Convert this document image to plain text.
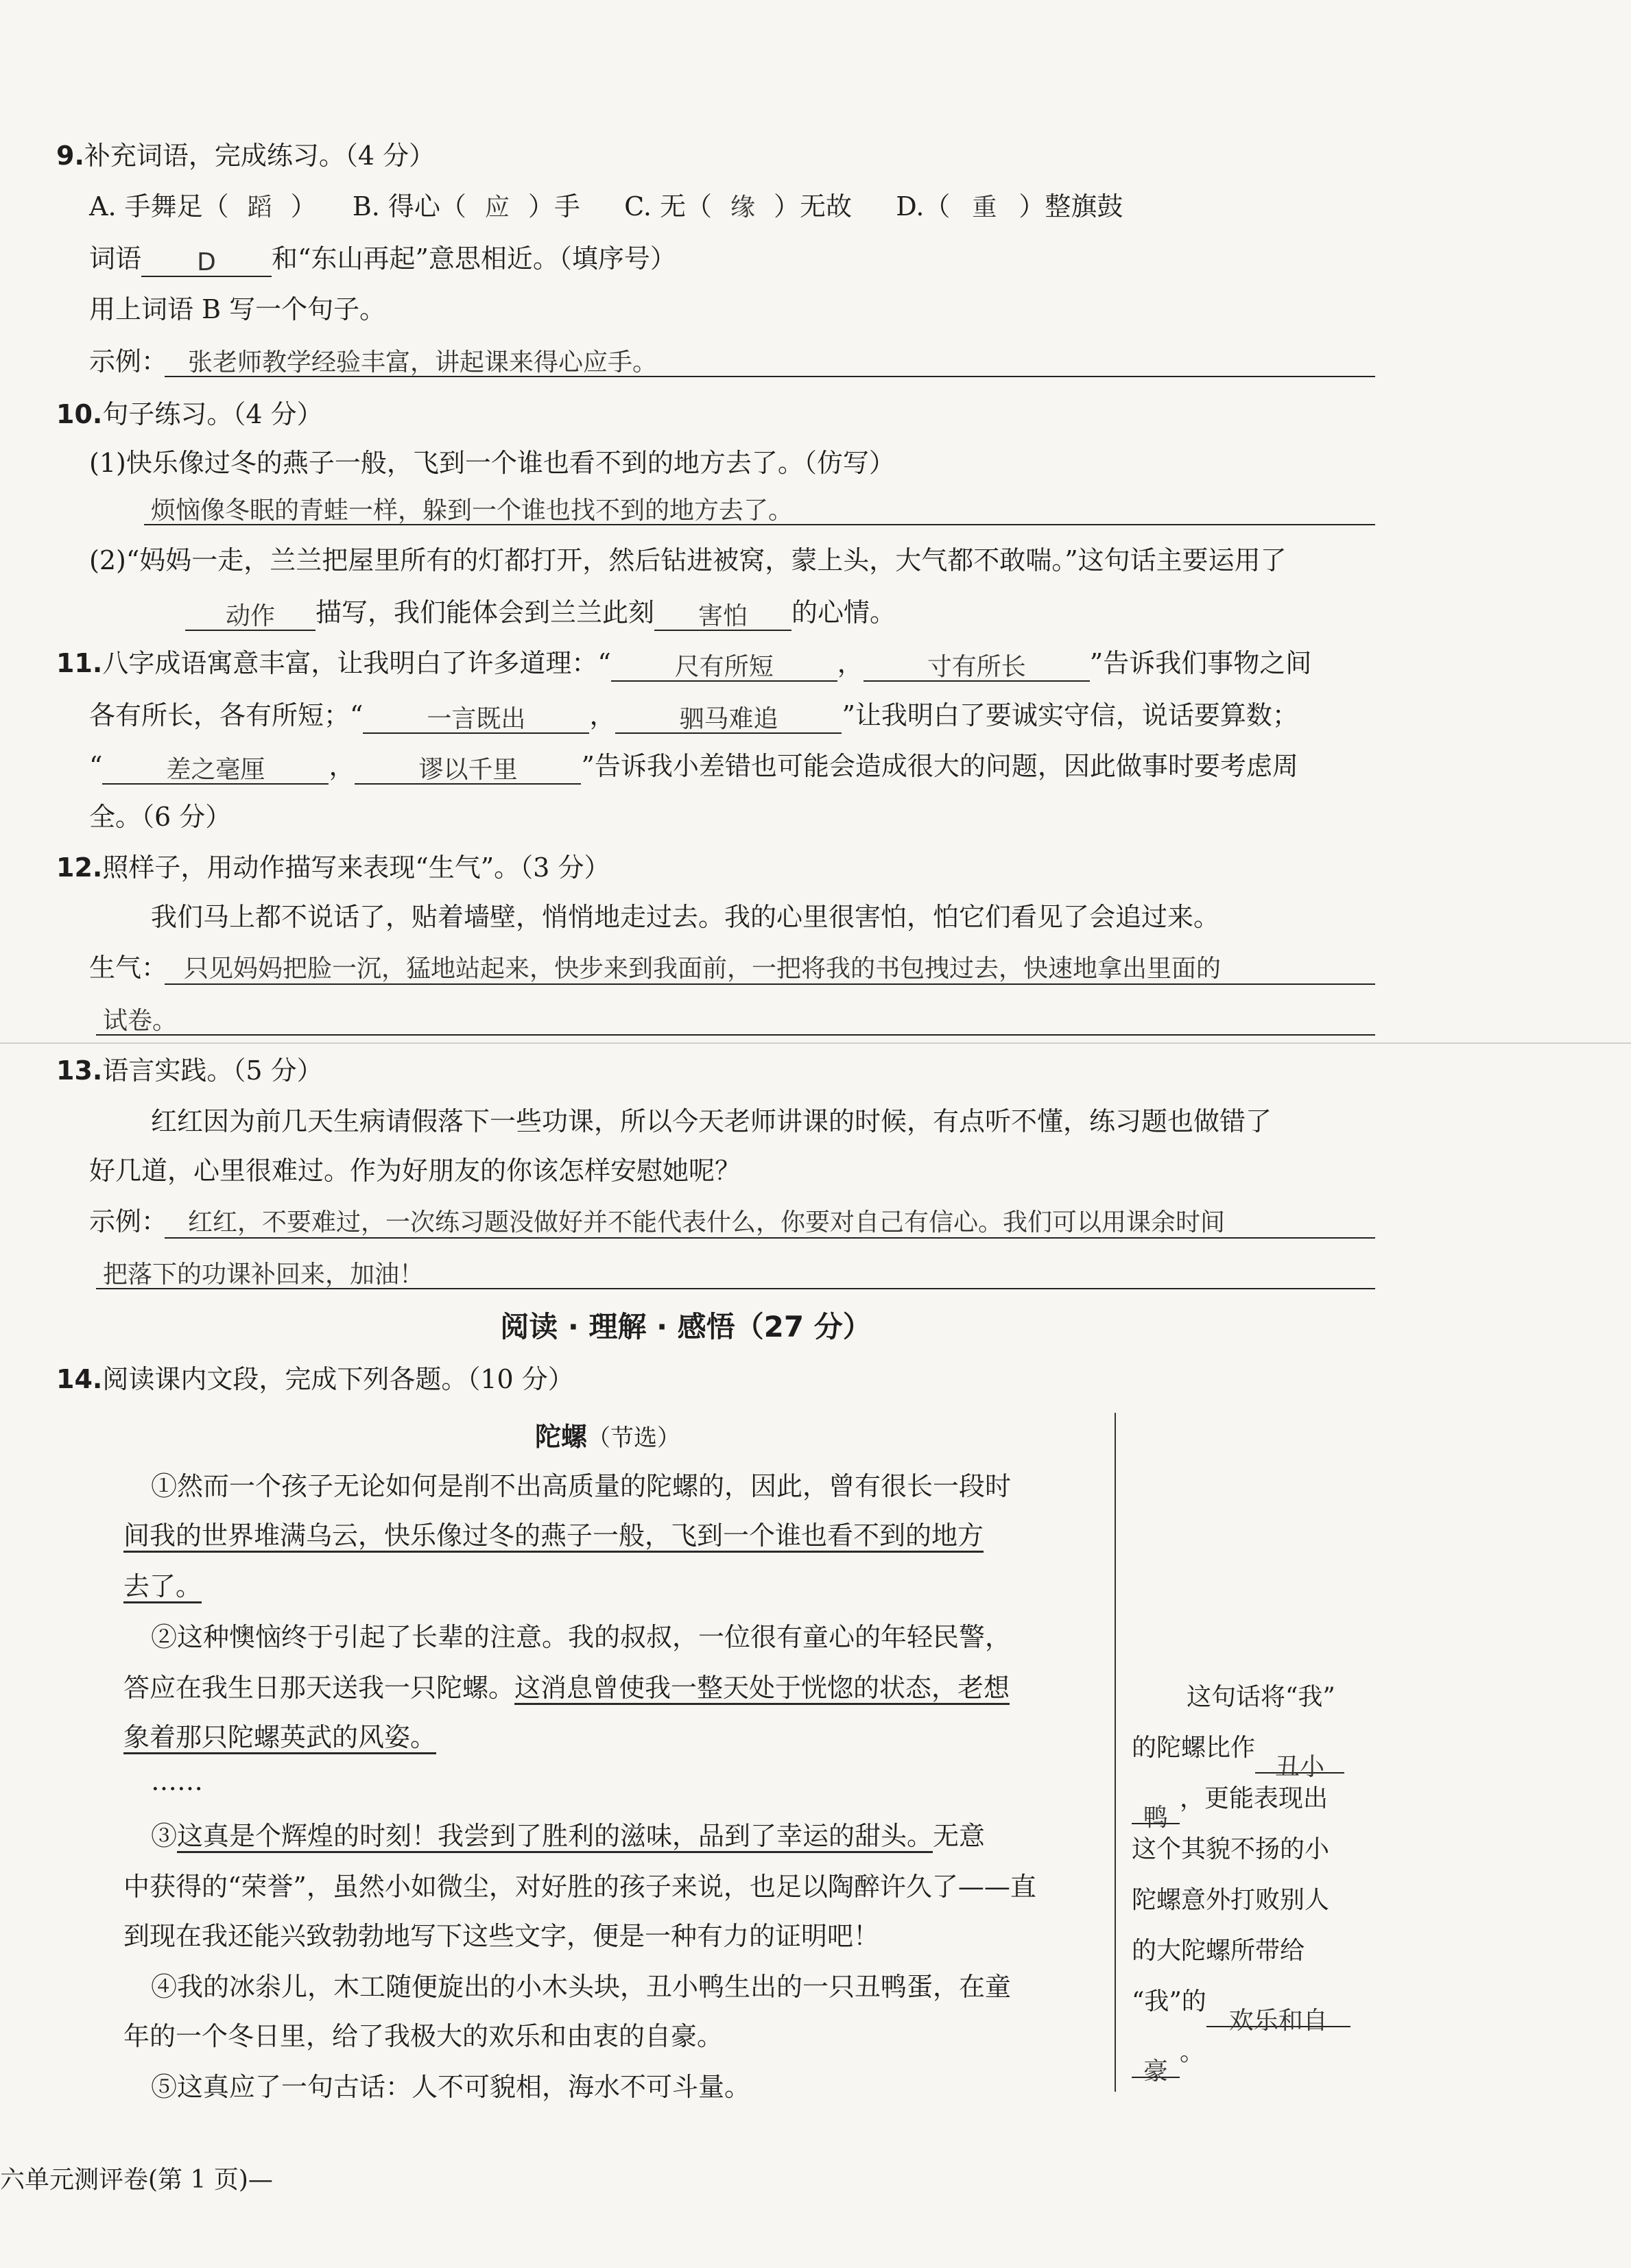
9.补充词语，完成练习。（4 分）
A. 手舞足（ 蹈 ） B. 得心（ 应 ）手 C. 无（ 缘 ）无故 D.（ 重 ）整旗鼓
词语 D 和“东山再起”意思相近。（填序号）
用上词语 B 写一个句子。
示例： 张老师教学经验丰富，讲起课来得心应手。
10.句子练习。（4 分）
(1)快乐像过冬的燕子一般，飞到一个谁也看不到的地方去了。（仿写）
烦恼像冬眠的青蛙一样，躲到一个谁也找不到的地方去了。
(2)“妈妈一走，兰兰把屋里所有的灯都打开，然后钻进被窝，蒙上头，大气都不敢喘。”这句话主要运用了
动作 描写，我们能体会到兰兰此刻 害怕 的心情。
11.八字成语寓意丰富，让我明白了许多道理：“	尺有所短 ，	寸有所长 ”告诉我们事物之间
各有所长，各有所短；“	一言既出 ，	驷马难追 ”让我明白了要诚实守信，说话要算数；
“	差之毫厘 ，	谬以千里 ”告诉我小差错也可能会造成很大的问题，因此做事时要考虑周
全。（6 分）
12.照样子，用动作描写来表现“生气”。（3 分）
我们马上都不说话了，贴着墙壁，悄悄地走过去。我的心里很害怕，怕它们看见了会追过来。
生气： 只见妈妈把脸一沉，猛地站起来，快步来到我面前，一把将我的书包拽过去，快速地拿出里面的
试卷。
13.语言实践。（5 分）
红红因为前几天生病请假落下一些功课，所以今天老师讲课的时候，有点听不懂，练习题也做错了
好几道，心里很难过。作为好朋友的你该怎样安慰她呢？
示例： 红红，不要难过，一次练习题没做好并不能代表什么，你要对自己有信心。我们可以用课余时间
把落下的功课补回来，加油！
阅读 · 理解 · 感悟（27 分）
14.阅读课内文段，完成下列各题。（10 分）
陀螺（节选）
①然而一个孩子无论如何是削不出高质量的陀螺的，因此，曾有很长一段时
间我的世界堆满乌云，快乐像过冬的燕子一般，飞到一个谁也看不到的地方
去了。
②这种懊恼终于引起了长辈的注意。我的叔叔，一位很有童心的年轻民警，
答应在我生日那天送我一只陀螺。这消息曾使我一整天处于恍惚的状态，老想
象着那只陀螺英武的风姿。
……
③这真是个辉煌的时刻！我尝到了胜利的滋味，品到了幸运的甜头。无意
中获得的“荣誉”，虽然小如微尘，对好胜的孩子来说，也足以陶醉许久了——直
到现在我还能兴致勃勃地写下这些文字，便是一种有力的证明吧！
④我的冰尜儿，木工随便旋出的小木头块，丑小鸭生出的一只丑鸭蛋，在童
年的一个冬日里，给了我极大的欢乐和由衷的自豪。
⑤这真应了一句古话：人不可貌相，海水不可斗量。
这句话将“我”
的陀螺比作丑小
鸭，更能表现出
这个其貌不扬的小
陀螺意外打败别人
的大陀螺所带给
“我”的欢乐和自
豪。
六单元测评卷(第 1 页)—
